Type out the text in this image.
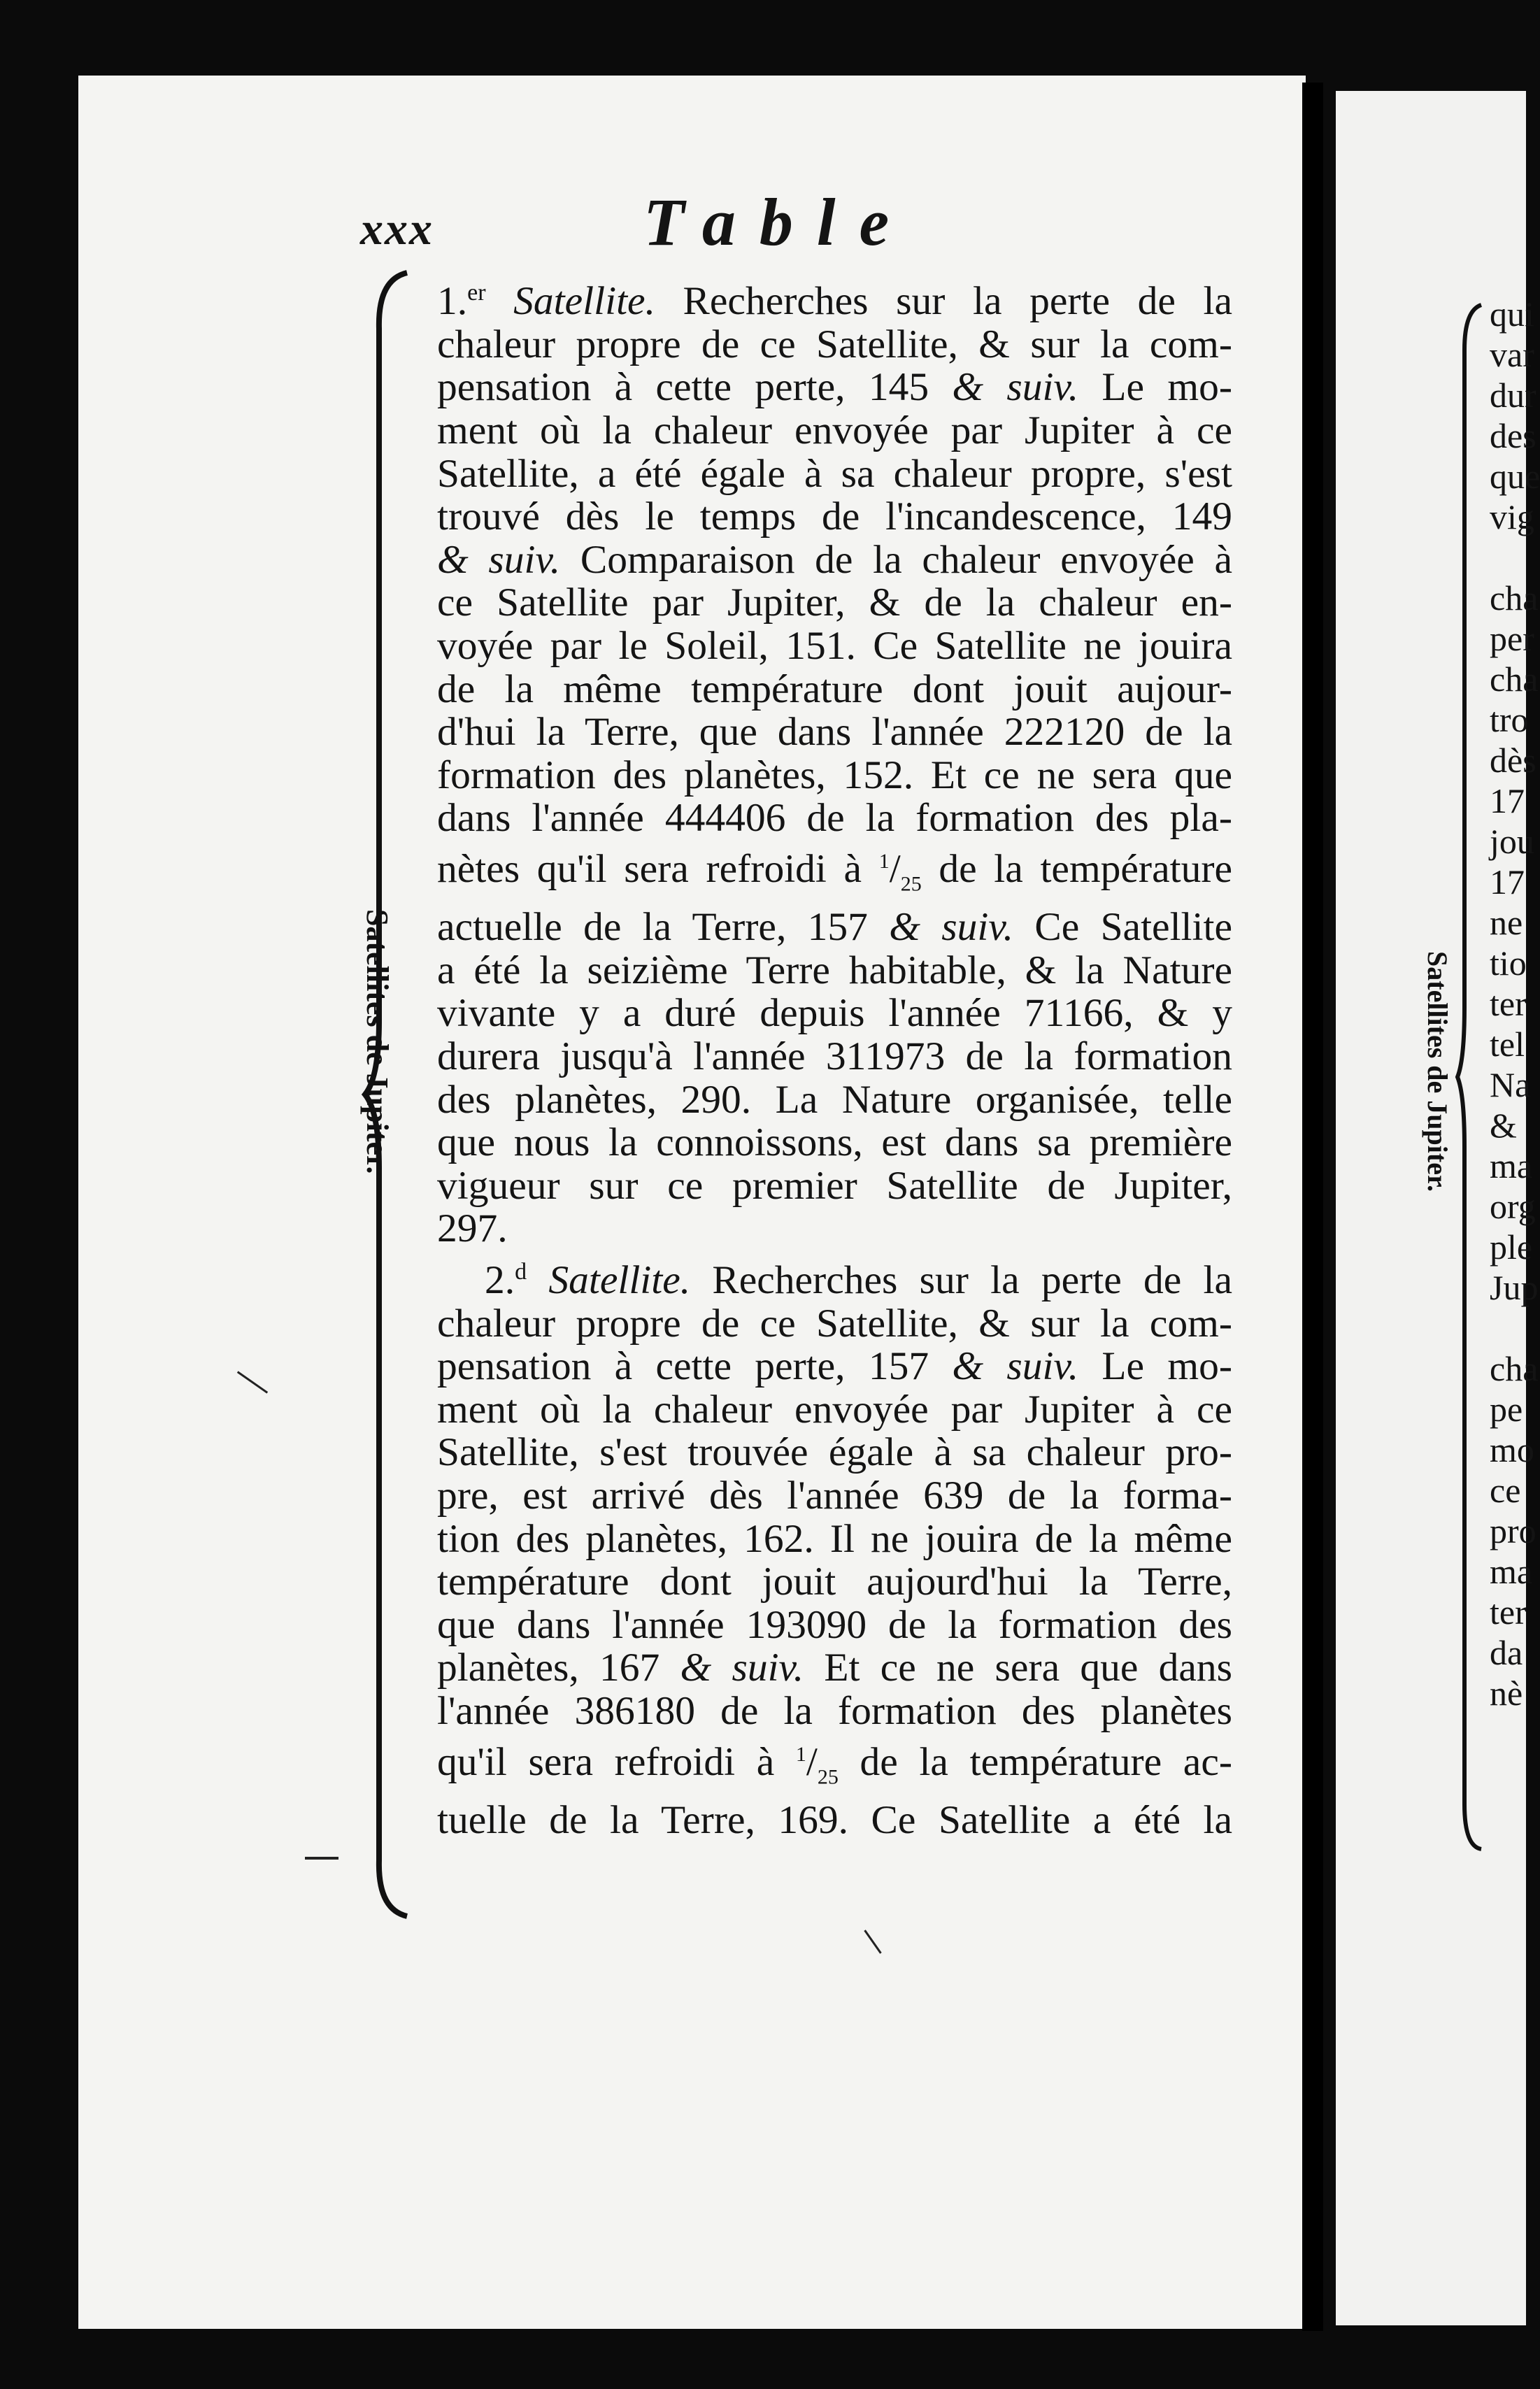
xxx	Table
Satellites de Jupiter.
1.$^{er}$ Satellite. Recherches sur la perte de la
chaleur propre de ce Satellite, & sur la com-
pensation à cette perte, 145 & suiv. Le mo-
ment où la chaleur envoyée par Jupiter à ce
Satellite, a été égale à sa chaleur propre, s'est
trouvé dès le temps de l'incandescence, 149
& suiv. Comparaison de la chaleur envoyée à
ce Satellite par Jupiter, & de la chaleur en-
voyée par le Soleil, 151. Ce Satellite ne jouira
de la même température dont jouit aujour-
d'hui la Terre, que dans l'année 222120 de la
formation des planètes, 152. Et ce ne sera que
dans l'année 444406 de la formation des pla-
nètes qu'il sera refroidi à $^1/_{25}$ de la température
actuelle de la Terre, 157 & suiv. Ce Satellite
a été la seizième Terre habitable, & la Nature
vivante y a duré depuis l'année 71166, & y
durera jusqu'à l'année 311973 de la formation
des planètes, 290. La Nature organisée, telle
que nous la connoissons, est dans sa première
vigueur sur ce premier Satellite de Jupiter,
297.
2.$^d$ Satellite. Recherches sur la perte de la
chaleur propre de ce Satellite, & sur la com-
pensation à cette perte, 157 & suiv. Le mo-
ment où la chaleur envoyée par Jupiter à ce
Satellite, s'est trouvée égale à sa chaleur pro-
pre, est arrivé dès l'année 639 de la forma-
tion des planètes, 162. Il ne jouira de la même
température dont jouit aujourd'hui la Terre,
que dans l'année 193090 de la formation des
planètes, 167 & suiv. Et ce ne sera que dans
l'année 386180 de la formation des planètes
qu'il sera refroidi à $^1/_{25}$ de la température ac-
tuelle de la Terre, 169. Ce Satellite a été la
Satellites de Jupiter.
qui
var
dur
des
que
vig

cha
per
cha
tro
dès
17
jou
17
ne
tio
ter
tel
Na
&
ma
org
ple
Jup

cha
pe
mo
ce
pro
ma
ter
da
nè
